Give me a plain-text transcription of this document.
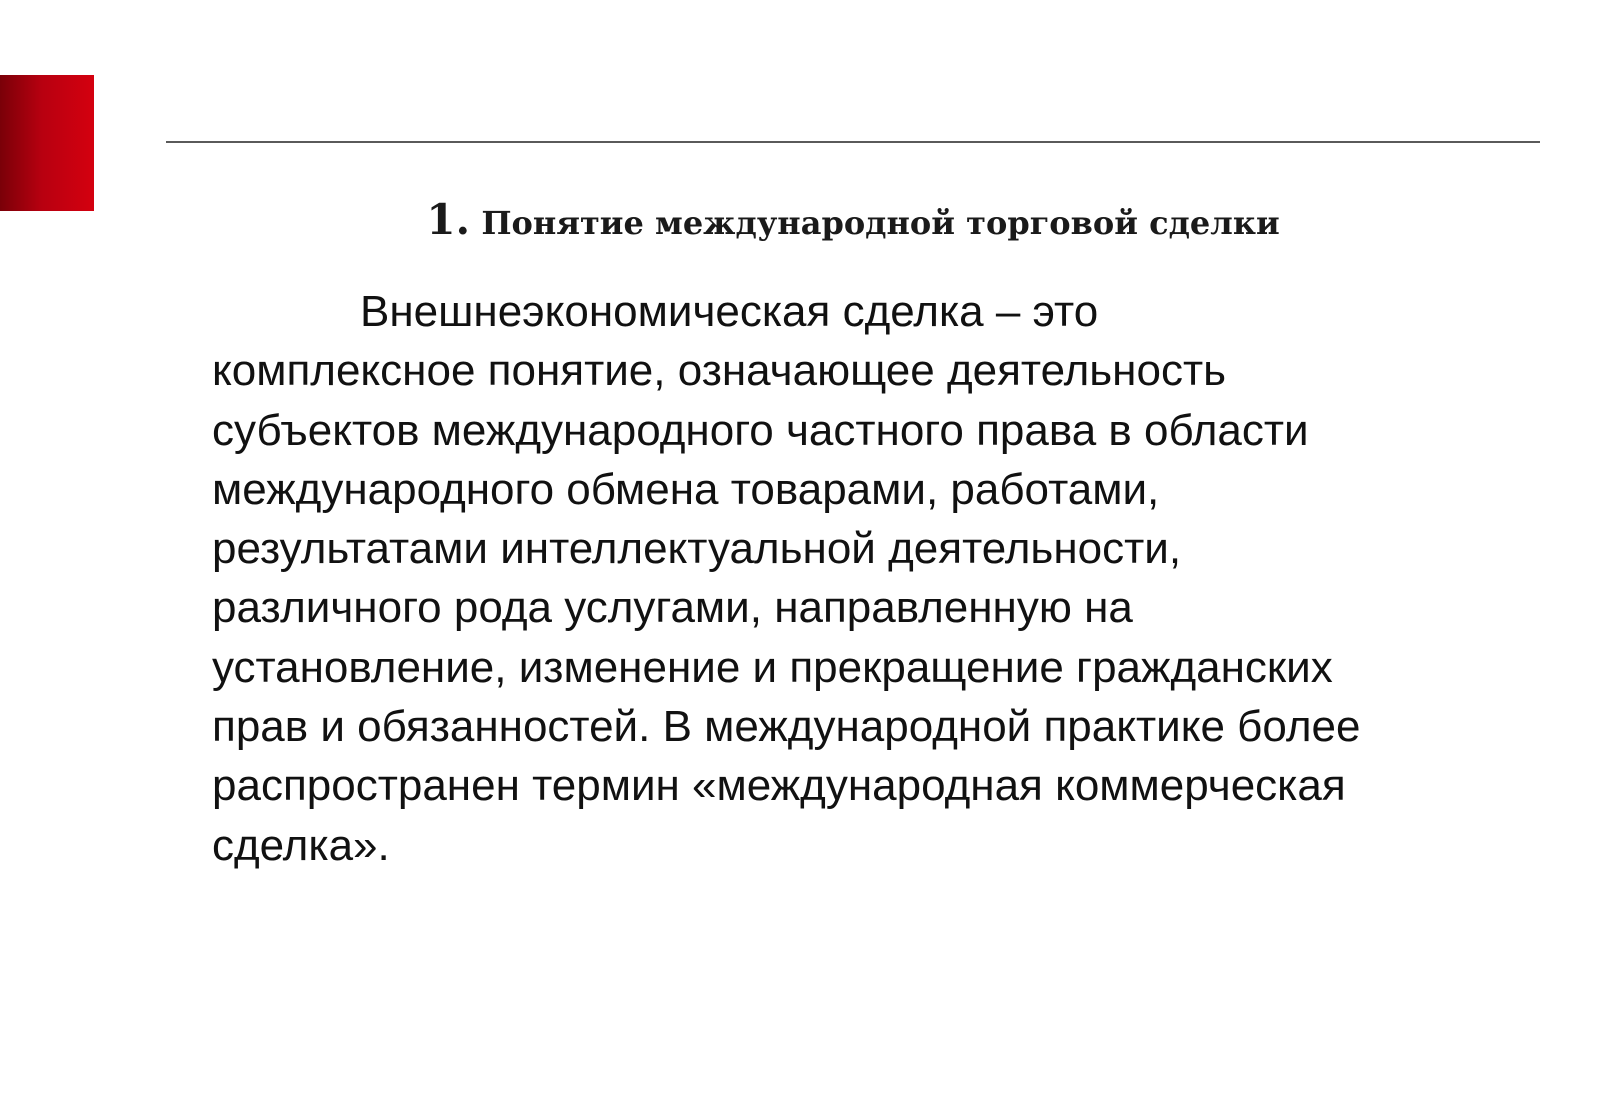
1. Понятие международной торговой сделки

Внешнеэкономическая сделка – это комплексное понятие, означающее деятельность субъектов международного частного права в области международного обмена товарами, работами, результатами интеллектуальной деятельности, различного рода услугами, направленную на установление, изменение и прекращение гражданских прав и обязанностей. В международной практике более распространен термин «международная коммерческая сделка».
